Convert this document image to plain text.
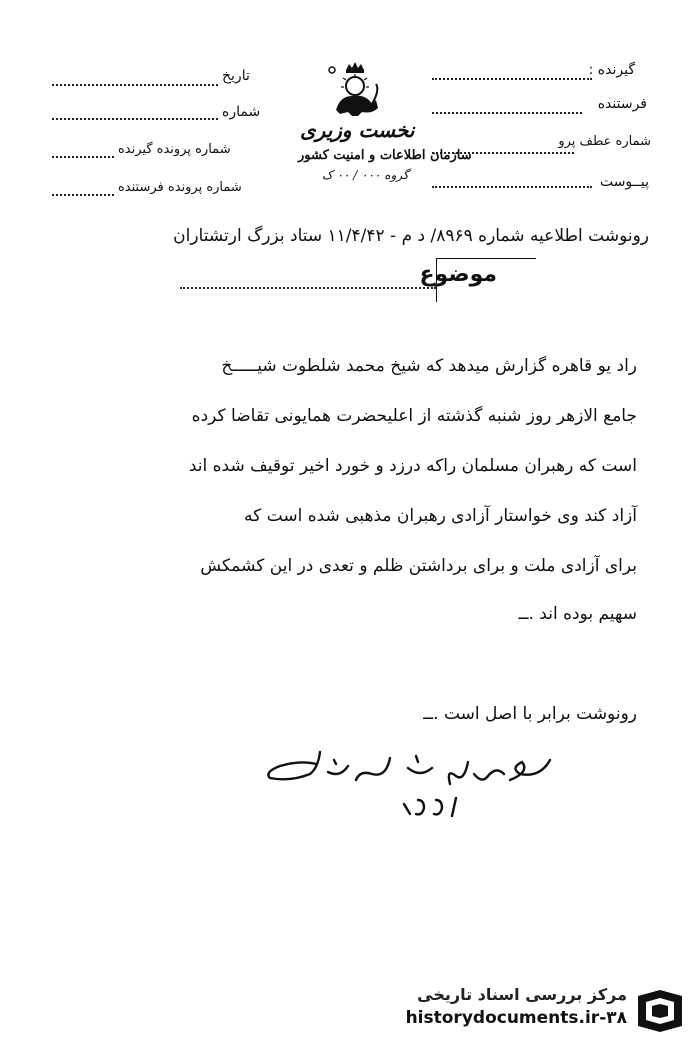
گیرنده :
فرستنده
شماره عطف پرو
پیــوست
تاریخ
شماره
شماره پرونده گیرنده
شماره پرونده فرستنده
نخست وزیری
سازمان اطلاعات و امنیت کشور
گروه ۰۰۰ / ۰۰ ک
رونوشت اطلاعیه شماره ۸۹۶۹/ د م - ۱۱/۴/۴۲ ستاد بزرگ ارتشتاران
موضوع
راد یو قاهره گزارش میدهد که شیخ محمد شلطوت شیـــــخ
جامع الازهر روز شنبه گذشته از اعلیحضرت همایونی تقاضا کرده
است که رهبران مسلمان راکه درزد و خورد اخیر توقیف شده اند
آزاد کند وی خواستار آزادی رهبران مذهبی شده است که
برای آزادی ملت و برای برداشتن ظلم و تعدی در این کشمکش
سهیم بوده اند .ــ
رونوشت برابر با اصل است .ــ
مرکز بررسی اسناد تاریخی
historydocuments.ir-۳۸
